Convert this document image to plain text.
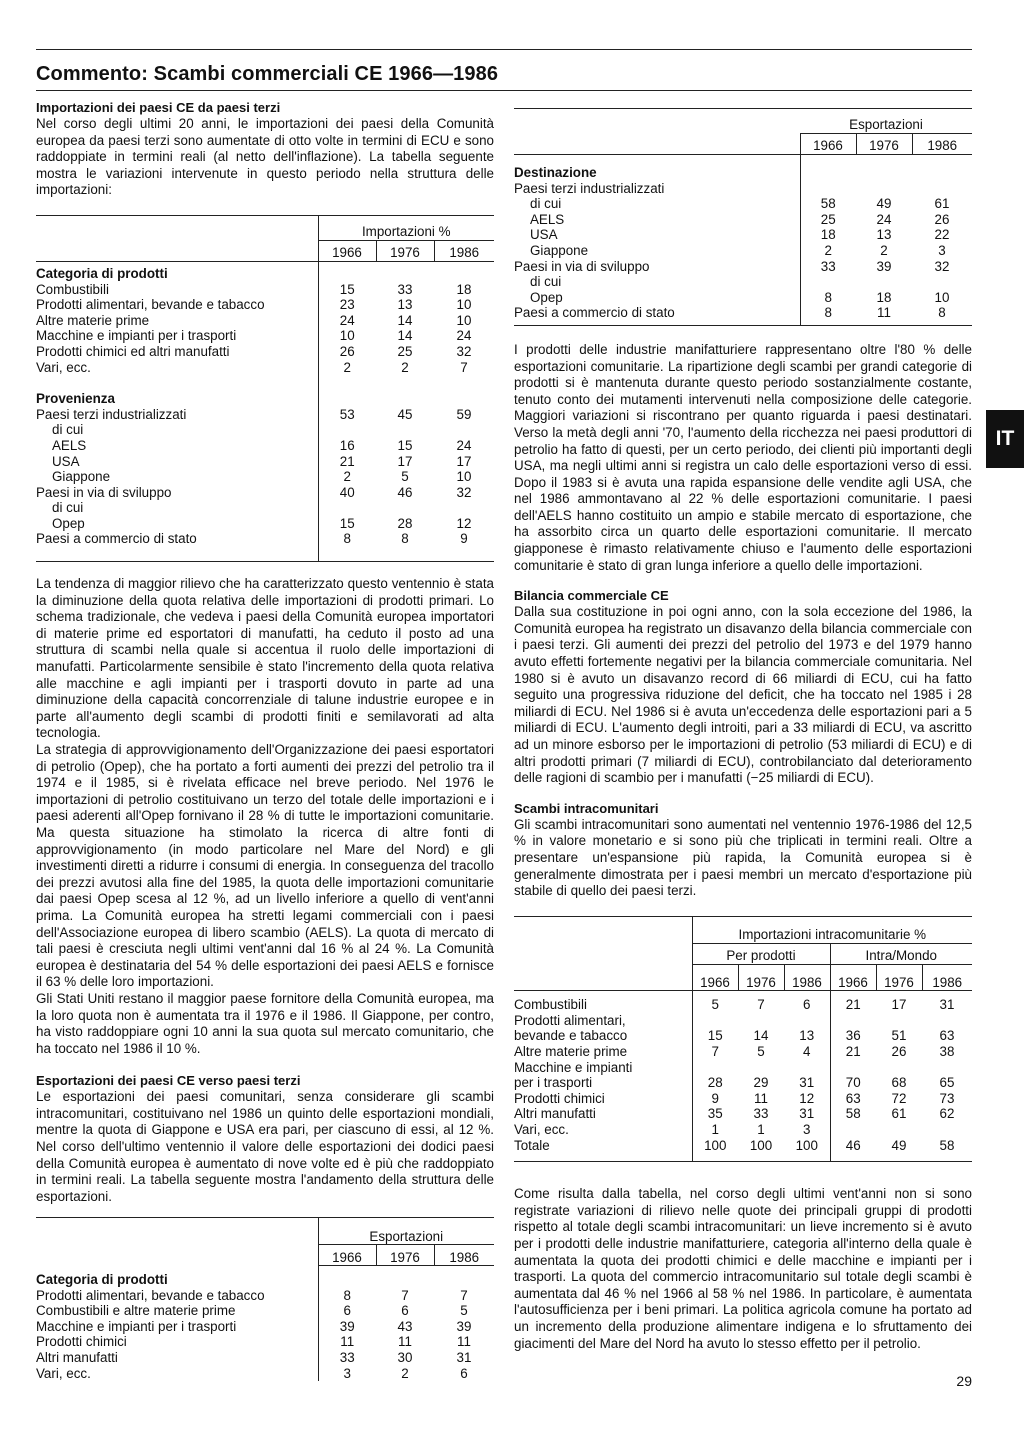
Commento: Scambi commerciali CE 1966—1986
Importazioni dei paesi CE da paesi terzi

Nel corso degli ultimi 20 anni, le importazioni dei paesi della Comunità europea da paesi terzi sono aumentate di otto volte in termini di ECU e sono raddoppiate in termini reali (al netto dell'inflazione). La tabella seguente mostra le variazioni intervenute in questo periodo nella struttura delle importazioni:

	Importazioni %		
	1966	1976	1986
Categoria di prodotti			
Combustibili	15	33	18
Prodotti alimentari, bevande e tabacco	23	13	10
Altre materie prime	24	14	10
Macchine e impianti per i trasporti	10	14	24
Prodotti chimici ed altri manufatti	26	25	32
Vari, ecc.	2	2	7

Provenienza			
Paesi terzi industrializzati	53	45	59
di cui			
AELS	16	15	24
USA	21	17	17
Giappone	2	5	10
Paesi in via di sviluppo	40	46	32
di cui			
Opep	15	28	12
Paesi a commercio di stato	8	8	9

La tendenza di maggior rilievo che ha caratterizzato questo ventennio è stata la diminuzione della quota relativa delle importazioni di prodotti primari. Lo schema tradizionale, che vedeva i paesi della Comunità europea importatori di materie prime ed esportatori di manufatti, ha ceduto il posto ad una struttura di scambi nella quale si accentua il ruolo delle importazioni di manufatti. Particolarmente sensibile è stato l'incremento della quota relativa alle macchine e agli impianti per i trasporti dovuto in parte ad una diminuzione della capacità concorrenziale di talune industrie europee e in parte all'aumento degli scambi di prodotti finiti e semilavorati ad alta tecnologia.

La strategia di approvvigionamento dell'Organizzazione dei paesi esportatori di petrolio (Opep), che ha portato a forti aumenti dei prezzi del petrolio tra il 1974 e il 1985, si è rivelata efficace nel breve periodo. Nel 1976 le importazioni di petrolio costituivano un terzo del totale delle importazioni e i paesi aderenti all'Opep fornivano il 28 % di tutte le importazioni comunitarie. Ma questa situazione ha stimolato la ricerca di altre fonti di approvvigionamento (in modo particolare nel Mare del Nord) e gli investimenti diretti a ridurre i consumi di energia. In conseguenza del tracollo dei prezzi avutosi alla fine del 1985, la quota delle importazioni comunitarie dai paesi Opep scesa al 12 %, ad un livello inferiore a quello di vent'anni prima. La Comunità europea ha stretti legami commerciali con i paesi dell'Associazione europea di libero scambio (AELS). La quota di mercato di tali paesi è cresciuta negli ultimi vent'anni dal 16 % al 24 %. La Comunità europea è destinataria del 54 % delle esportazioni dei paesi AELS e fornisce il 63 % delle loro importazioni.

Gli Stati Uniti restano il maggior paese fornitore della Comunità europea, ma la loro quota non è aumentata tra il 1976 e il 1986. Il Giappone, per contro, ha visto raddoppiare ogni 10 anni la sua quota sul mercato comunitario, che ha toccato nel 1986 il 10 %.

Esportazioni dei paesi CE verso paesi terzi

Le esportazioni dei paesi comunitari, senza considerare gli scambi intracomunitari, costituivano nel 1986 un quinto delle esportazioni mondiali, mentre la quota di Giappone e USA era pari, per ciascuno di essi, al 12 %. Nel corso dell'ultimo ventennio il valore delle esportazioni dei dodici paesi della Comunità europea è aumentato di nove volte ed è più che raddoppiato in termini reali. La tabella seguente mostra l'andamento della struttura delle esportazioni.

	Esportazioni		
	1966	1976	1986
Categoria di prodotti			
Prodotti alimentari, bevande e tabacco	8	7	7
Combustibili e altre materie prime	6	6	5
Macchine e impianti per i trasporti	39	43	39
Prodotti chimici	11	11	11
Altri manufatti	33	30	31
Vari, ecc.	3	2	6
	Esportazioni		
	1966	1976	1986
Destinazione			
Paesi terzi industrializzati			
di cui	58	49	61
AELS	25	24	26
USA	18	13	22
Giappone	2	2	3
Paesi in via di sviluppo	33	39	32
di cui			
Opep	8	18	10
Paesi a commercio di stato	8	11	8

I prodotti delle industrie manifatturiere rappresentano oltre l'80 % delle esportazioni comunitarie. La ripartizione degli scambi per grandi categorie di prodotti si è mantenuta durante questo periodo sostanzialmente costante, tenuto conto dei mutamenti intervenuti nella composizione delle categorie. Maggiori variazioni si riscontrano per quanto riguarda i paesi destinatari. Verso la metà degli anni '70, l'aumento della ricchezza nei paesi produttori di petrolio ha fatto di questi, per un certo periodo, dei clienti più importanti degli USA, ma negli ultimi anni si registra un calo delle esportazioni verso di essi. Dopo il 1983 si è avuta una rapida espansione delle vendite agli USA, che nel 1986 ammontavano al 22 % delle esportazioni comunitarie. I paesi dell'AELS hanno costituito un ampio e stabile mercato di esportazione, che ha assorbito circa un quarto delle esportazioni comunitarie. Il mercato giapponese è rimasto relativamente chiuso e l'aumento delle esportazioni comunitarie è stato di gran lunga inferiore a quello delle importazioni.

Bilancia commerciale CE

Dalla sua costituzione in poi ogni anno, con la sola eccezione del 1986, la Comunità europea ha registrato un disavanzo della bilancia commerciale con i paesi terzi. Gli aumenti dei prezzi del petrolio del 1973 e del 1979 hanno avuto effetti fortemente negativi per la bilancia commerciale comunitaria. Nel 1980 si è avuto un disavanzo record di 66 miliardi di ECU, cui ha fatto seguito una progressiva riduzione del deficit, che ha toccato nel 1985 i 28 miliardi di ECU. Nel 1986 si è avuta un'eccedenza delle esportazioni pari a 5 miliardi di ECU. L'aumento degli introiti, pari a 33 miliardi di ECU, va ascritto ad un minore esborso per le importazioni di petrolio (53 miliardi di ECU) e di altri prodotti primari (7 miliardi di ECU), controbilanciato dal deterioramento delle ragioni di scambio per i manufatti (−25 miliardi di ECU).

Scambi intracomunitari

Gli scambi intracomunitari sono aumentati nel ventennio 1976-1986 del 12,5 % in valore monetario e si sono più che triplicati in termini reali. Oltre a presentare un'espansione più rapida, la Comunità europea si è generalmente dimostrata per i paesi membri un mercato d'esportazione più stabile di quello dei paesi terzi.

	Importazioni intracomunitarie %					
	Per prodotti			Intra/Mondo		
	1966	1976	1986	1966	1976	1986

Combustibili	5	7	6	21	17	31
Prodotti alimentari,						
bevande e tabacco	15	14	13	36	51	63
Altre materie prime	7	5	4	21	26	38
Macchine e impianti						
per i trasporti	28	29	31	70	68	65
Prodotti chimici	9	11	12	63	72	73
Altri manufatti	35	33	31	58	61	62
Vari, ecc.	1	1	3			
Totale	100	100	100	46	49	58

Come risulta dalla tabella, nel corso degli ultimi vent'anni non si sono registrate variazioni di rilievo nelle quote dei principali gruppi di prodotti rispetto al totale degli scambi intracomunitari: un lieve incremento si è avuto per i prodotti delle industrie manifatturiere, categoria all'interno della quale è aumentata la quota dei prodotti chimici e delle macchine e impianti per i trasporti. La quota del commercio intracomunitario sul totale degli scambi è aumentata dal 46 % nel 1966 al 58 % nel 1986. In particolare, è aumentata l'autosufficienza per i beni primari. La politica agricola comune ha portato ad un incremento della produzione alimentare indigena e lo sfruttamento dei giacimenti del Mare del Nord ha avuto lo stesso effetto per il petrolio.

IT
29
